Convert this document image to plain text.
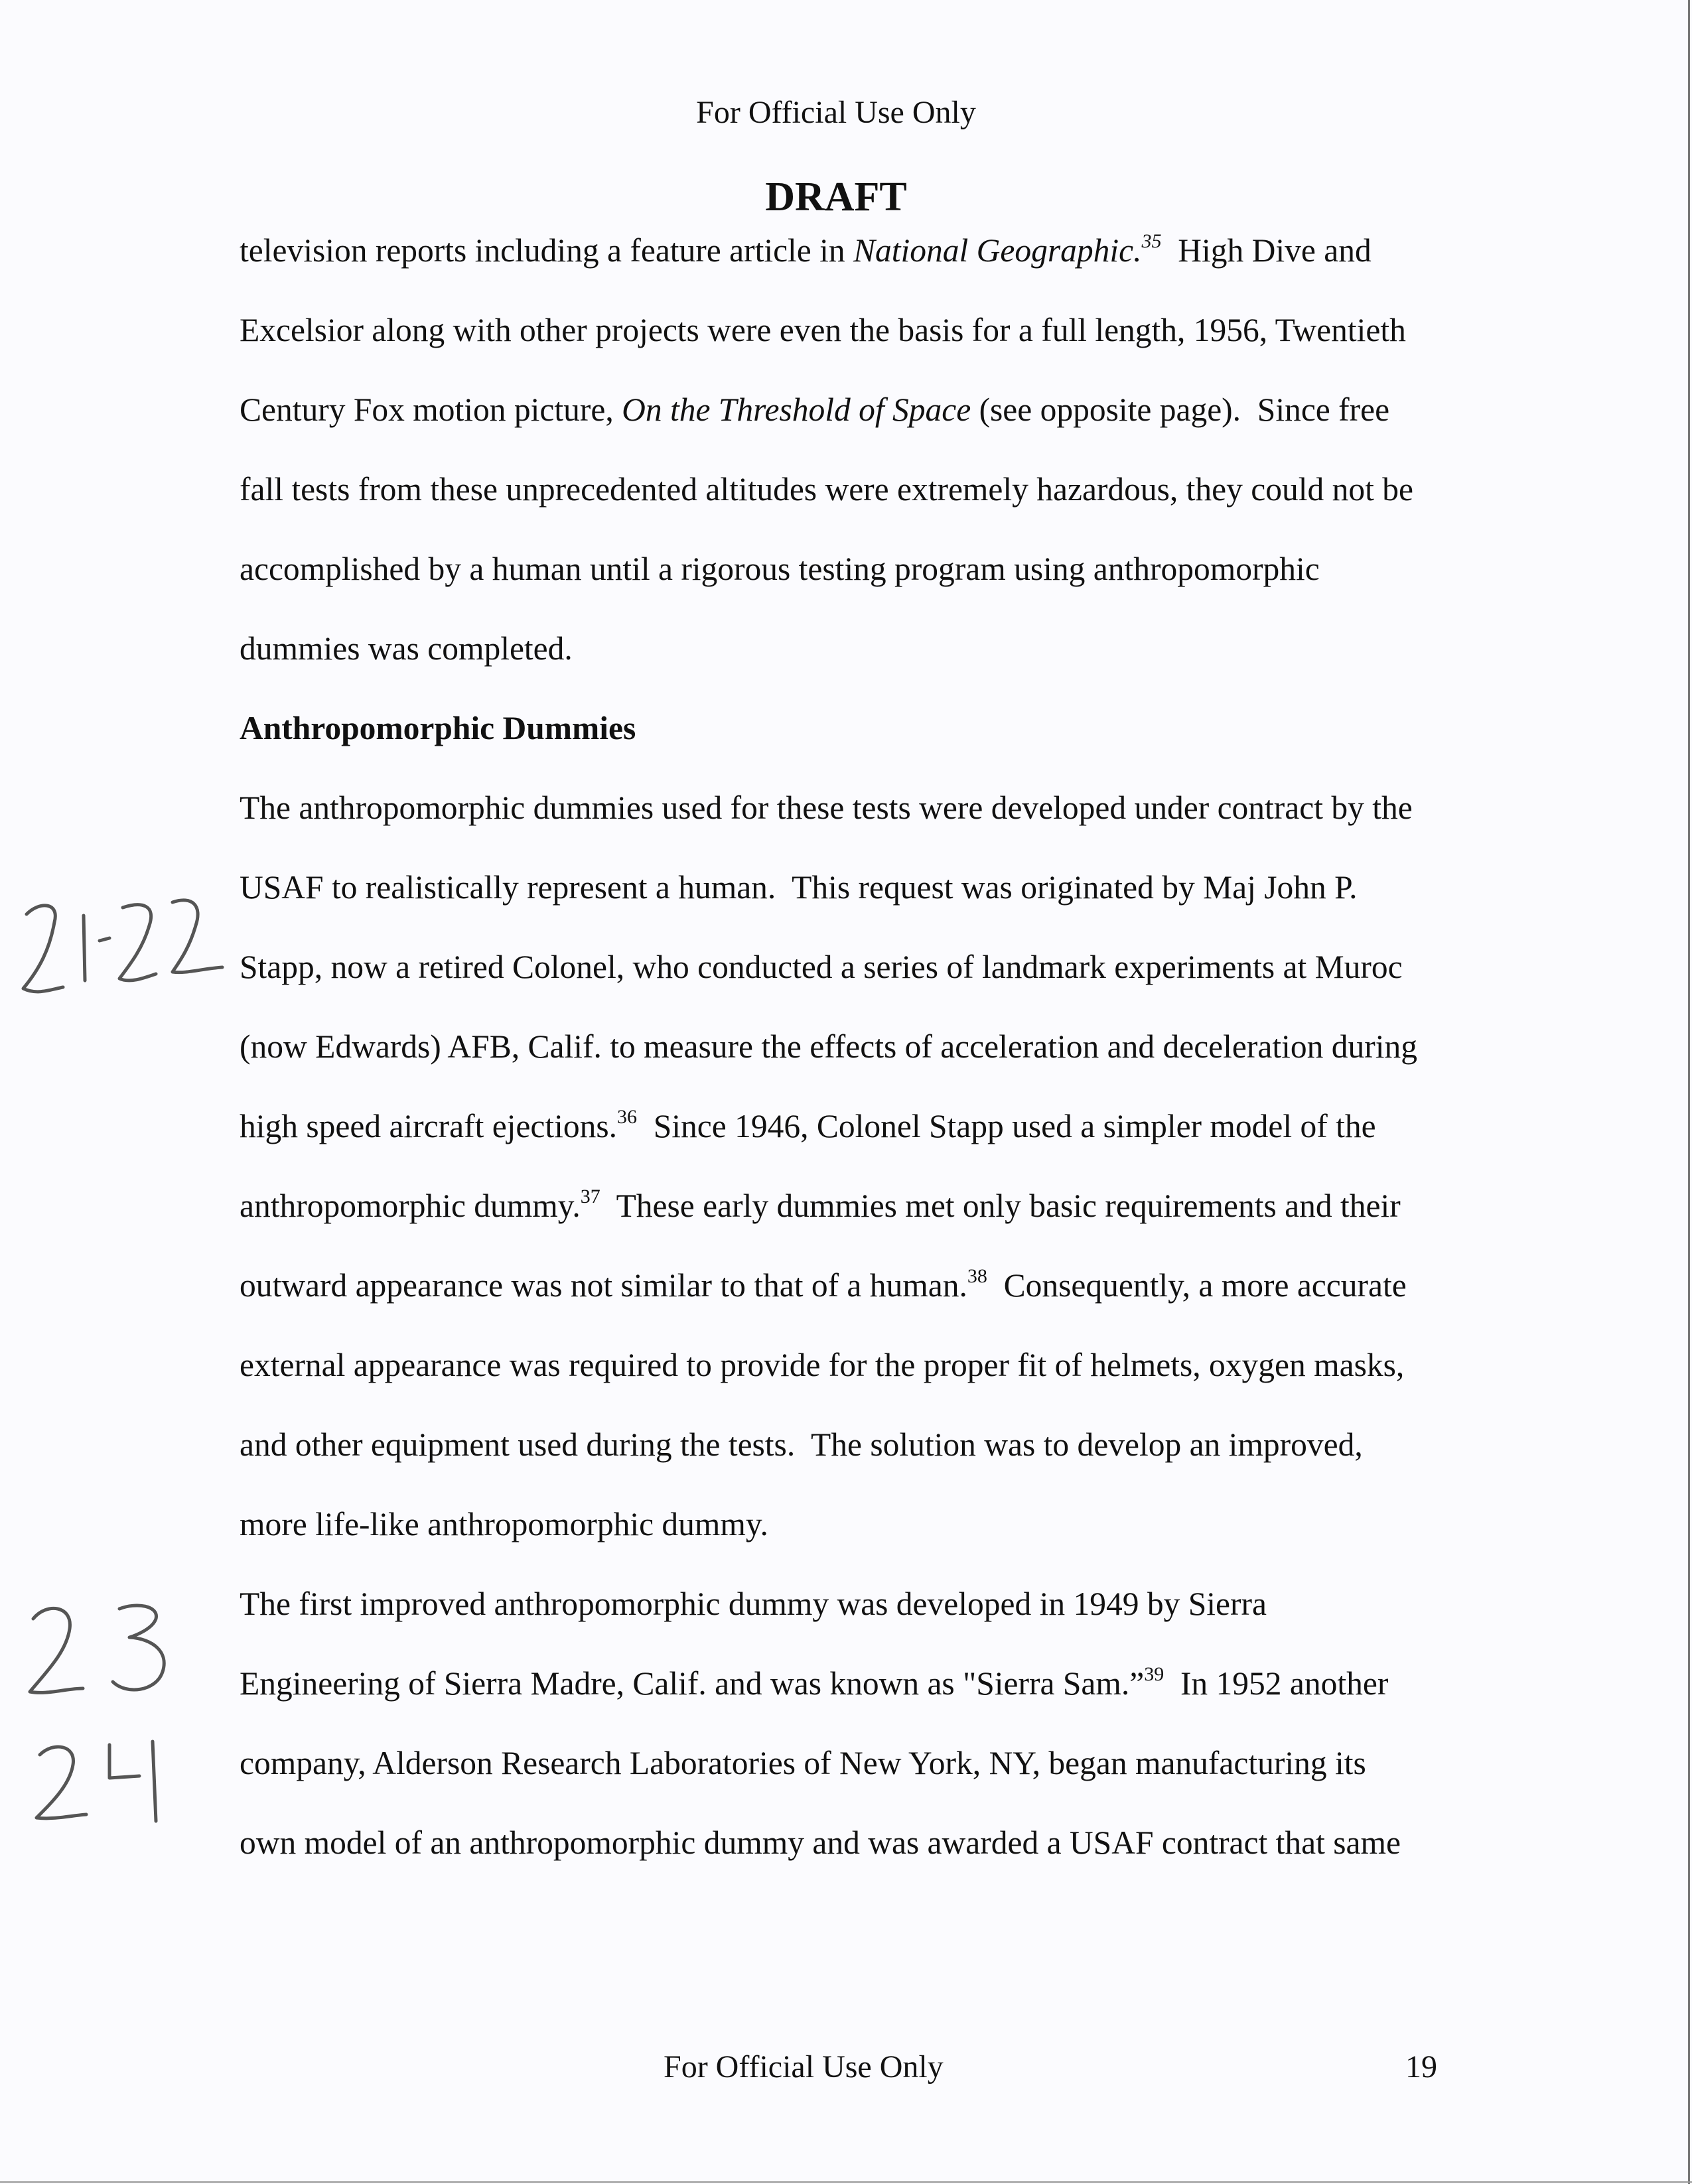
For Official Use Only
DRAFT
television reports including a feature article in National Geographic.$^{35}$  High Dive and
Excelsior along with other projects were even the basis for a full length, 1956, Twentieth
Century Fox motion picture, On the Threshold of Space (see opposite page).  Since free
fall tests from these unprecedented altitudes were extremely hazardous, they could not be
accomplished by a human until a rigorous testing program using anthropomorphic
dummies was completed.
Anthropomorphic Dummies
The anthropomorphic dummies used for these tests were developed under contract by the
USAF to realistically represent a human.  This request was originated by Maj John P.
Stapp, now a retired Colonel, who conducted a series of landmark experiments at Muroc
(now Edwards) AFB, Calif. to measure the effects of acceleration and deceleration during
high speed aircraft ejections.$^{36}$  Since 1946, Colonel Stapp used a simpler model of the
anthropomorphic dummy.$^{37}$  These early dummies met only basic requirements and their
outward appearance was not similar to that of a human.$^{38}$  Consequently, a more accurate
external appearance was required to provide for the proper fit of helmets, oxygen masks,
and other equipment used during the tests.  The solution was to develop an improved,
more life-like anthropomorphic dummy.
The first improved anthropomorphic dummy was developed in 1949 by Sierra
Engineering of Sierra Madre, Calif. and was known as "Sierra Sam.”$^{39}$  In 1952 another
company, Alderson Research Laboratories of New York, NY, began manufacturing its
own model of an anthropomorphic dummy and was awarded a USAF contract that same
For Official Use Only	19
